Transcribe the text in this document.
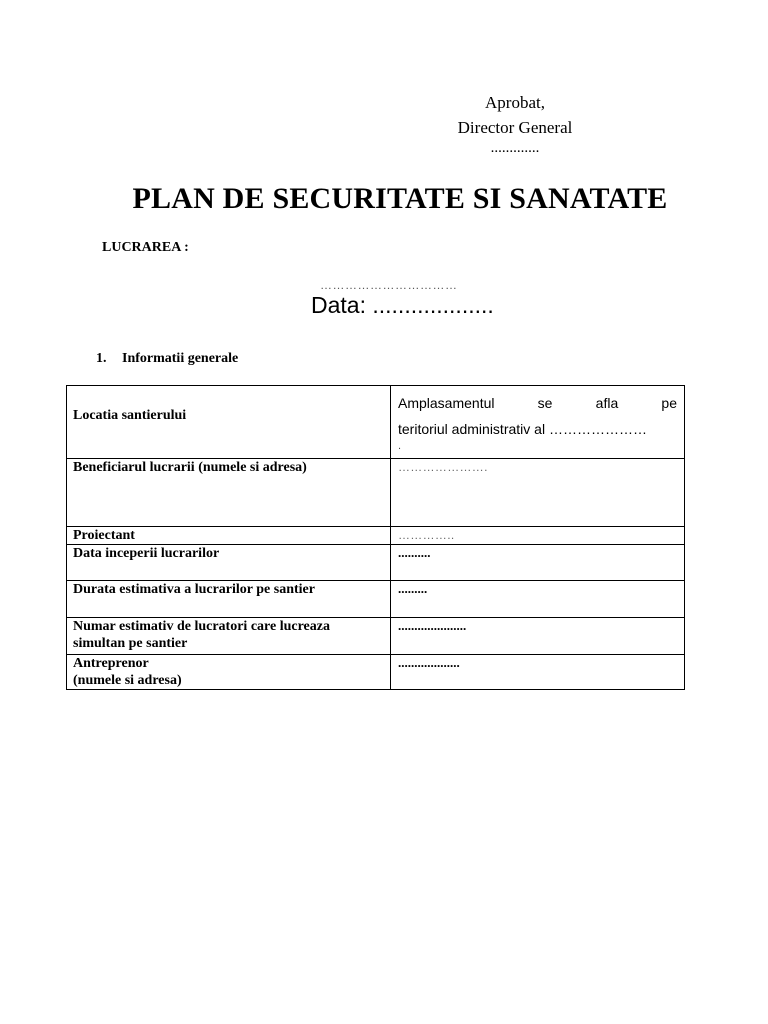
Aprobat,
Director General
.............
PLAN DE SECURITATE SI SANATATE
LUCRAREA :
……………………………
Data: ...................
1. Informatii generale
Locatia santierului	Amplasamentul se afla pe
teritoriul administrativ al …………………
.

Beneficiarul lucrarii (numele si adresa)	………………….
Proiectant	…………..
Data inceperii lucrarilor	..........
Durata estimativa a lucrarilor pe santier	.........
Numar estimativ de lucratori care lucreaza simultan pe santier	.....................

Antreprenor
(numele si adresa)	...................
